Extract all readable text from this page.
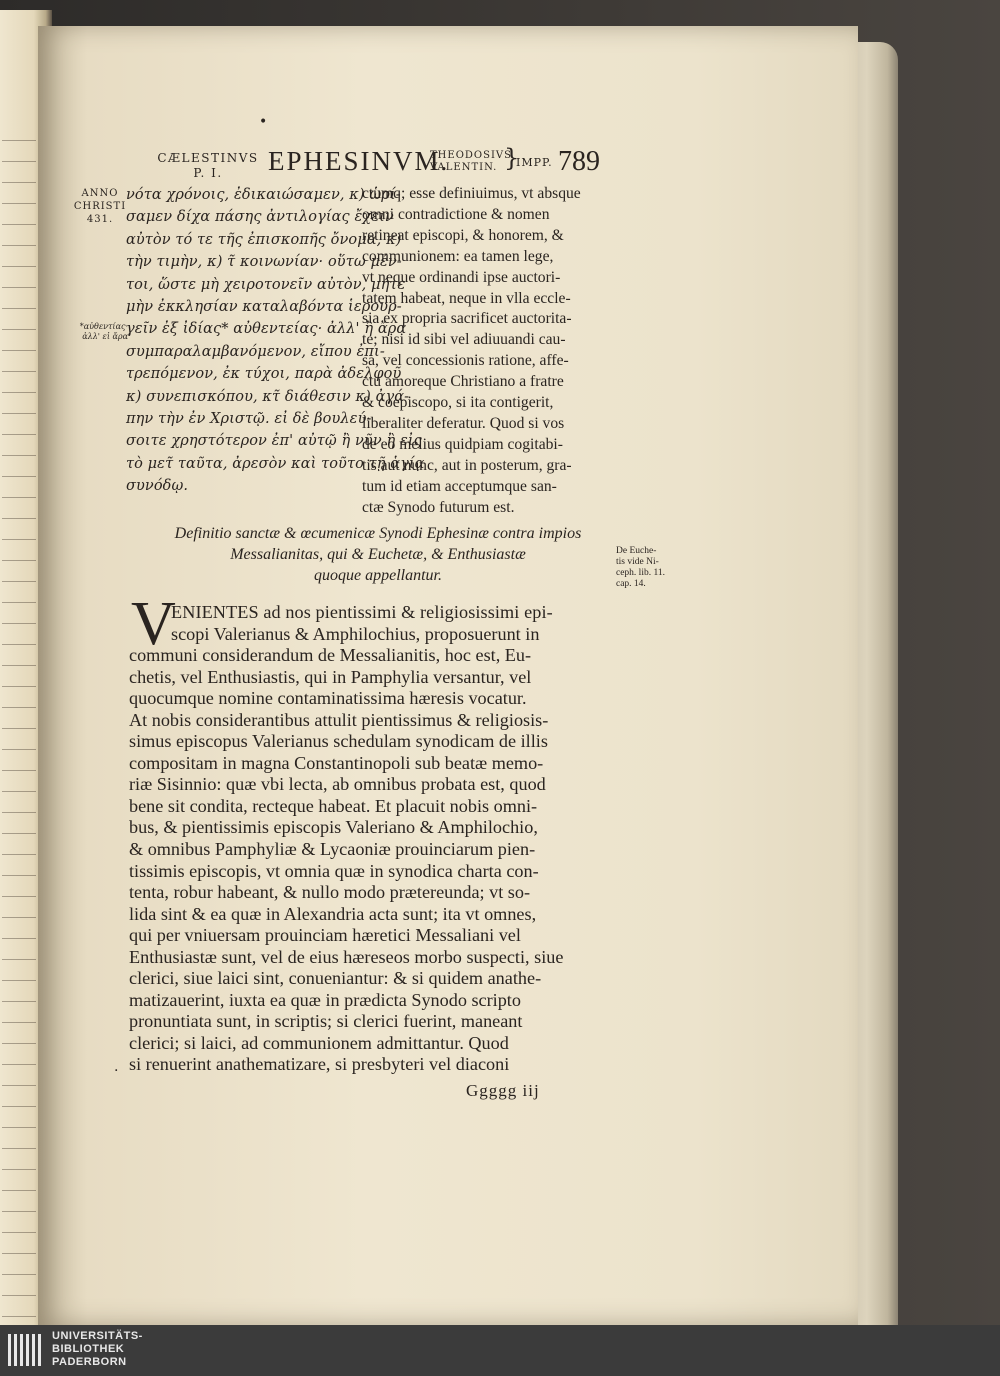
•
CÆLESTINVS
P. I.	EPHESINVM.
THEODOSIVS
VALENTIN. }
IMPP. 789
ANNO
CHRISTI
431.
*αὐθεντίας·
ἀλλ' εἰ ἄρα
νότα χρόνοις, ἐδικαιώσαμεν, κ) ὡρί-
σαμεν δίχα πάσης ἀντιλογίας ἔχειν
αὐτὸν τό τε τῆς ἐπισκοπῆς ὄνομα, κ)
τὴν τιμὴν, κ) τ̃ κοινωνίαν· οὕτω μέν-
τοι, ὥστε μὴ χειροτονεῖν αὐτὸν, μήτε
μὴν ἐκκλησίαν καταλαβόντα ἱερουρ-
γεῖν ἐξ ἰδίας* αὐθεντείας· ἀλλ' ἢ ἄρα
συμπαραλαμβανόμενον, εἴπου ἐπι-
τρεπόμενον, ἐκ τύχοι, παρὰ ἀδελφοῦ
κ) συνεπισκόπου, κτ̃ διάθεσιν κ) ἀγά-
πην τὴν ἐν Χριστῷ. εἰ δὲ βουλεύ-
σοιτε χρηστότερον ἐπ' αὐτῷ ἢ νῦν ἢ εἰς
τὸ μετ̃ ταῦτα, ἀρεσὸν καὶ τοῦτο τῇ ἁγίᾳ
συνόδῳ.
ctumq; esse definiuimus, vt absque
omni contradictione & nomen
retineat episcopi, & honorem, &
communionem: ea tamen lege,
vt neque ordinandi ipse auctori-
tatem habeat, neque in vlla eccle-
sia ex propria sacrificet auctorita-
te; nisi id sibi vel adiuuandi cau-
sa, vel concessionis ratione, affe-
ctu amoreque Christiano a fratre
& coepiscopo, si ita contigerit,
liberaliter deferatur. Quod si vos
de eo melius quidpiam cogitabi-
tis aut nunc, aut in posterum, gra-
tum id etiam acceptumque san-
ctæ Synodo futurum est.
Definitio sanctæ & œcumenicæ Synodi Ephesinæ contra impios
Messalianitas, qui & Euchetæ, & Enthusiastæ
quoque appellantur.
De Euche-
tis vide Ni-
ceph. lib. 11.
cap. 14.
V
ENIENTES ad nos pientissimi & religiosissimi epi-
scopi Valerianus & Amphilochius, proposuerunt in
communi considerandum de Messalianitis, hoc est, Eu-
chetis, vel Enthusiastis, qui in Pamphylia versantur, vel
quocumque nomine contaminatissima hæresis vocatur.
At nobis considerantibus attulit pientissimus & religiosis-
simus episcopus Valerianus schedulam synodicam de illis
compositam in magna Constantinopoli sub beatæ memo-
riæ Sisinnio: quæ vbi lecta, ab omnibus probata est, quod
bene sit condita, recteque habeat. Et placuit nobis omni-
bus, & pientissimis episcopis Valeriano & Amphilochio,
& omnibus Pamphyliæ & Lycaoniæ prouinciarum pien-
tissimis episcopis, vt omnia quæ in synodica charta con-
tenta, robur habeant, & nullo modo prætereunda; vt so-
lida sint & ea quæ in Alexandria acta sunt; ita vt omnes,
qui per vniuersam prouinciam hæretici Messaliani vel
Enthusiastæ sunt, vel de eius hæreseos morbo suspecti, siue
clerici, siue laici sint, conueniantur: & si quidem anathe-
matizauerint, iuxta ea quæ in prædicta Synodo scripto
pronuntiata sunt, in scriptis; si clerici fuerint, maneant
clerici; si laici, ad communionem admittantur. Quod
si renuerint anathematizare, si presbyteri vel diaconi
.
Ggggg iij
UNIVERSITÄTS-
BIBLIOTHEK
PADERBORN
